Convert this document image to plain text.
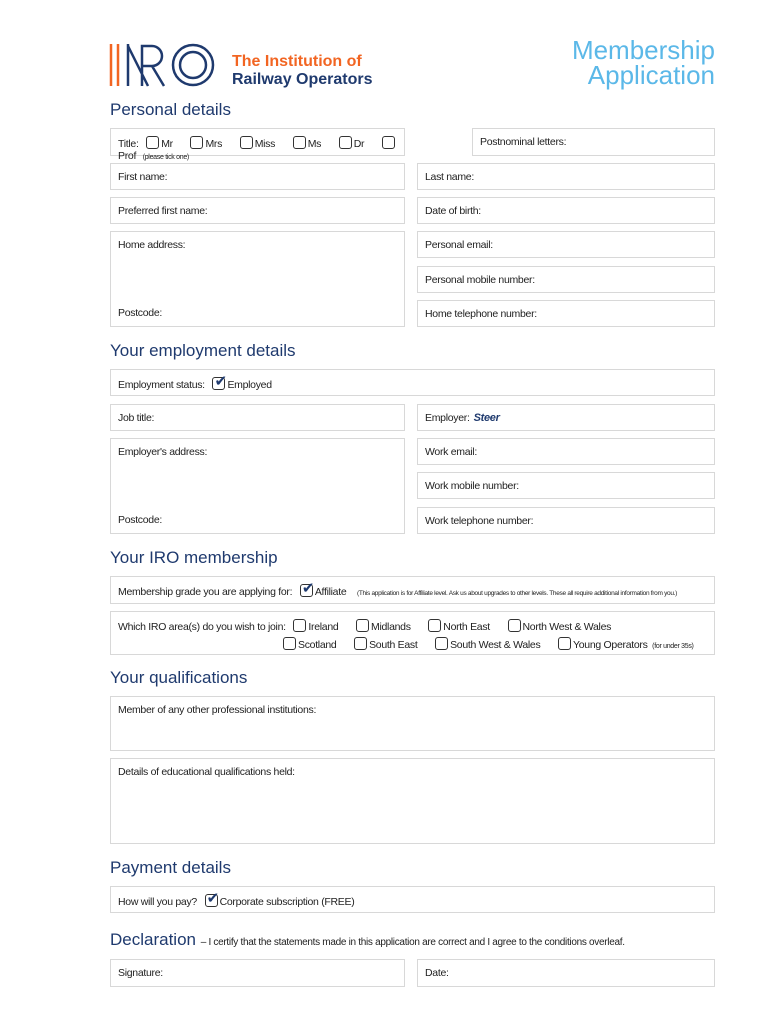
The Institution of
Railway Operators
Membership
Application
Personal details
Title: Mr	Mrs	Miss	Ms	Dr Prof (please tick one)
Postnominal letters:
First name:	Last name:
Preferred first name:	Date of birth:
Home address:
Postcode:
Personal email:
Personal mobile number:
Home telephone number:
Your employment details
Employment status: ✔ Employed
Job title:	Employer: Steer
Employer's address:
Postcode:
Work email:
Work mobile number:
Work telephone number:
Your IRO membership
Membership grade you are applying for: ✔ Affiliate (This application is for Affiliate level. Ask us about upgrades to other levels. These all require additional information from you.)
Which IRO area(s) do you wish to join: Ireland	Midlands	North East	North West & Wales
Scotland	South East	South West & Wales	Young Operators (for under 35s)
Your qualifications
Member of any other professional institutions:
Details of educational qualifications held:
Payment details
How will you pay? ✔ Corporate subscription (FREE)
Declaration – I certify that the statements made in this application are correct and I agree to the conditions overleaf.
Signature:	Date:
